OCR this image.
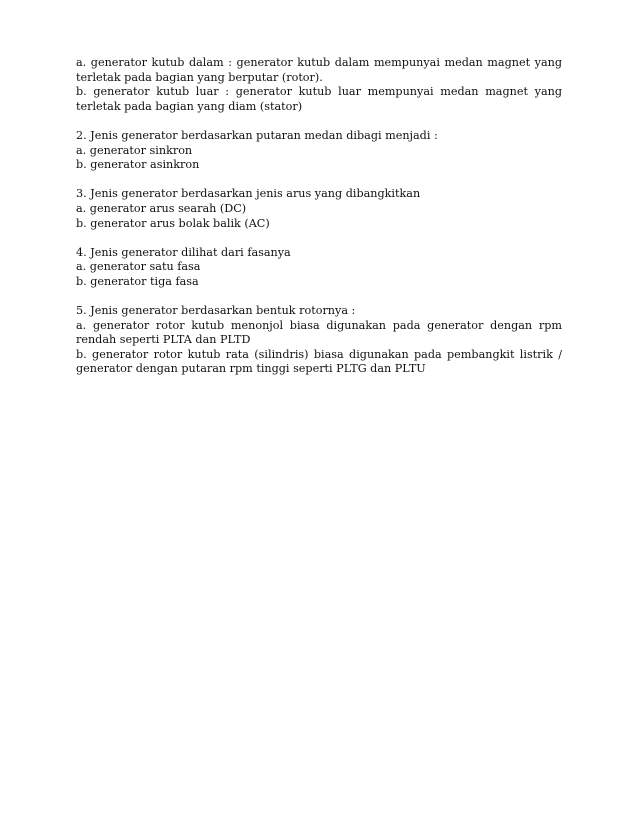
a. generator kutub dalam : generator kutub dalam mempunyai medan magnet yang terletak pada bagian yang berputar (rotor).

b. generator kutub luar : generator kutub luar mempunyai medan magnet yang terletak pada bagian yang diam (stator)

2. Jenis generator berdasarkan putaran medan dibagi menjadi :

a. generator sinkron

b. generator asinkron

3. Jenis generator berdasarkan jenis arus yang dibangkitkan

a. generator arus searah (DC)

b. generator arus bolak balik (AC)

4. Jenis generator dilihat dari fasanya

a. generator satu fasa

b. generator tiga fasa

5. Jenis generator berdasarkan bentuk rotornya :

a. generator rotor kutub menonjol biasa digunakan pada generator dengan rpm rendah seperti PLTA dan PLTD

b. generator rotor kutub rata (silindris) biasa digunakan pada pembangkit listrik / generator dengan putaran rpm tinggi seperti PLTG dan PLTU
